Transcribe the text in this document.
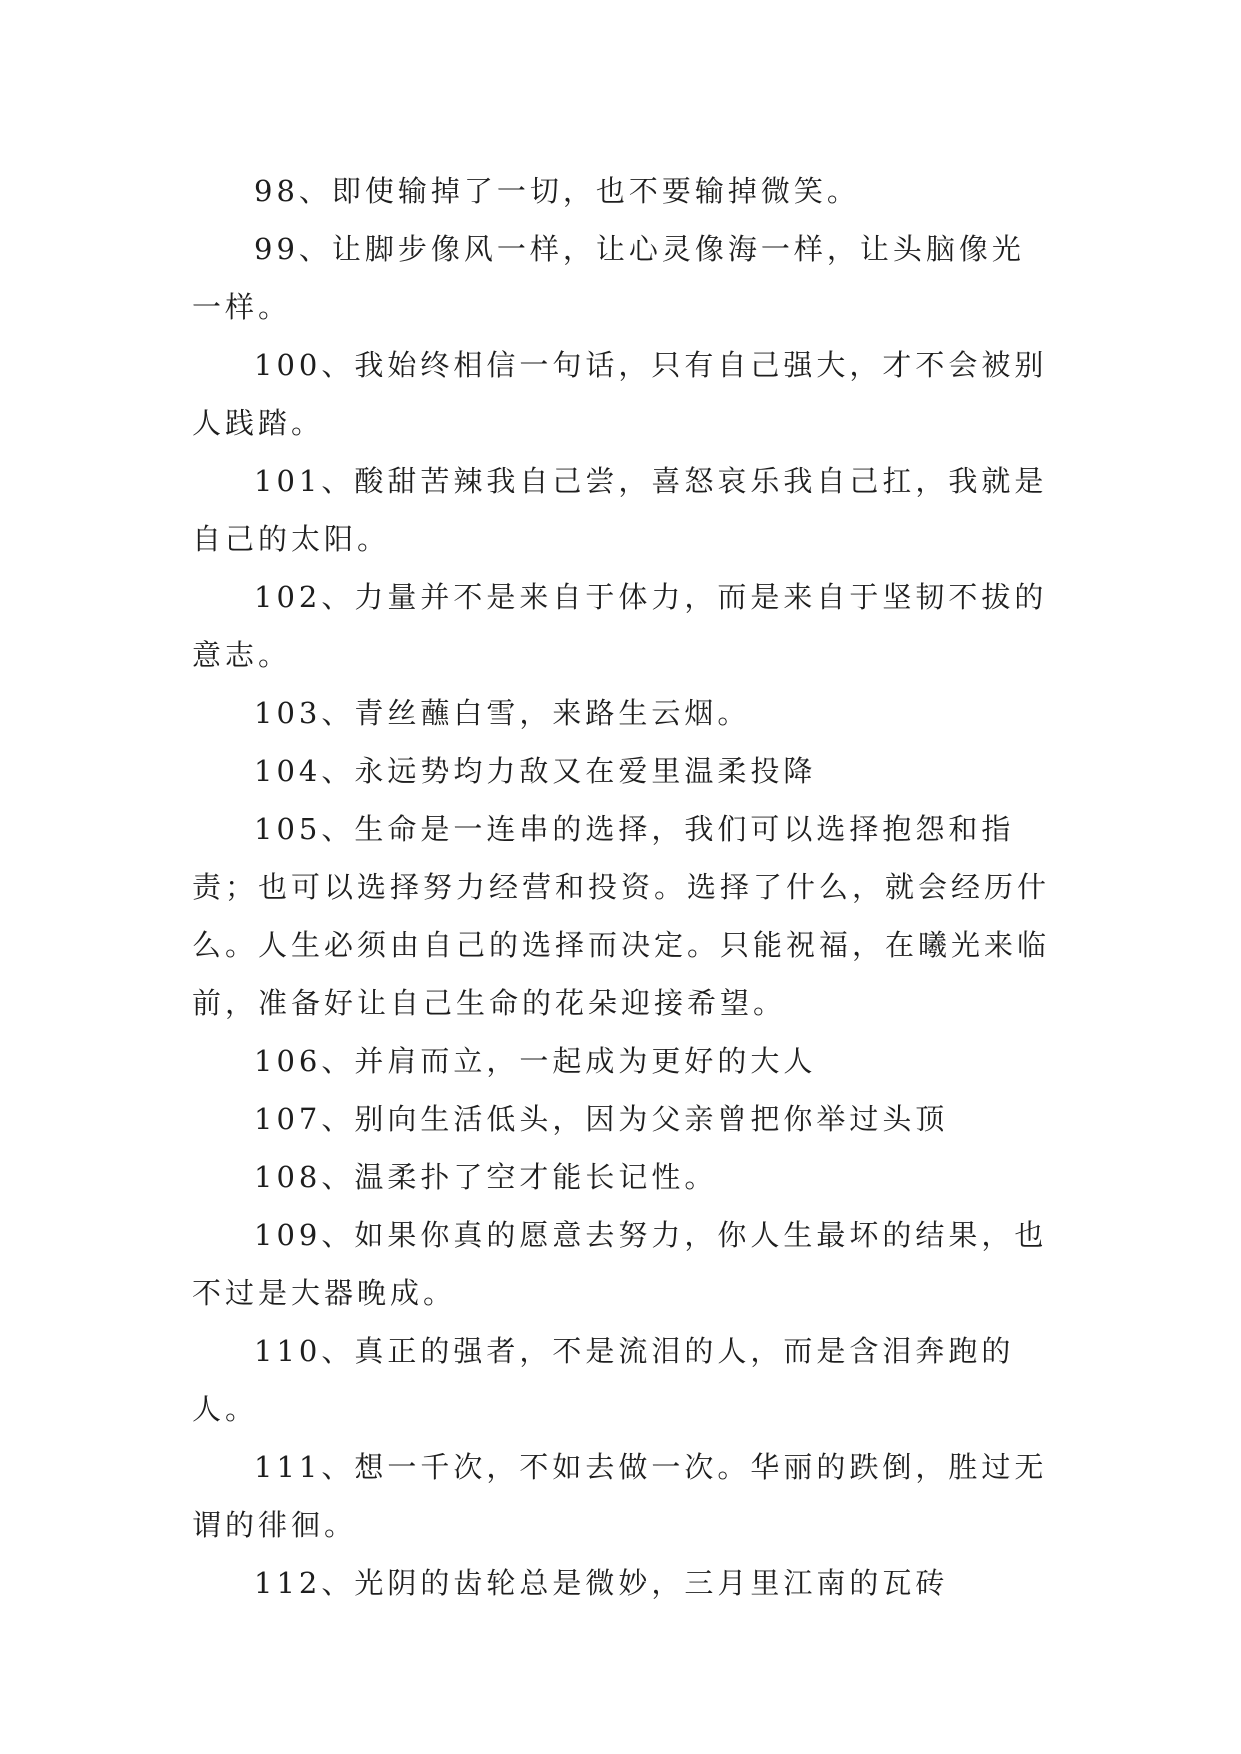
98、即使输掉了一切，也不要输掉微笑。

99、让脚步像风一样，让心灵像海一样，让头脑像光一样。

100、我始终相信一句话，只有自己强大，才不会被别人践踏。

101、酸甜苦辣我自己尝，喜怒哀乐我自己扛，我就是自己的太阳。

102、力量并不是来自于体力，而是来自于坚韧不拔的意志。

103、青丝蘸白雪，来路生云烟。

104、永远势均力敌又在爱里温柔投降

105、生命是一连串的选择，我们可以选择抱怨和指责；也可以选择努力经营和投资。选择了什么，就会经历什么。人生必须由自己的选择而决定。只能祝福，在曦光来临前，准备好让自己生命的花朵迎接希望。

106、并肩而立，一起成为更好的大人

107、别向生活低头，因为父亲曾把你举过头顶

108、温柔扑了空才能长记性。

109、如果你真的愿意去努力，你人生最坏的结果，也不过是大器晚成。

110、真正的强者，不是流泪的人，而是含泪奔跑的人。

111、想一千次，不如去做一次。华丽的跌倒，胜过无谓的徘徊。

112、光阴的齿轮总是微妙，三月里江南的瓦砖
